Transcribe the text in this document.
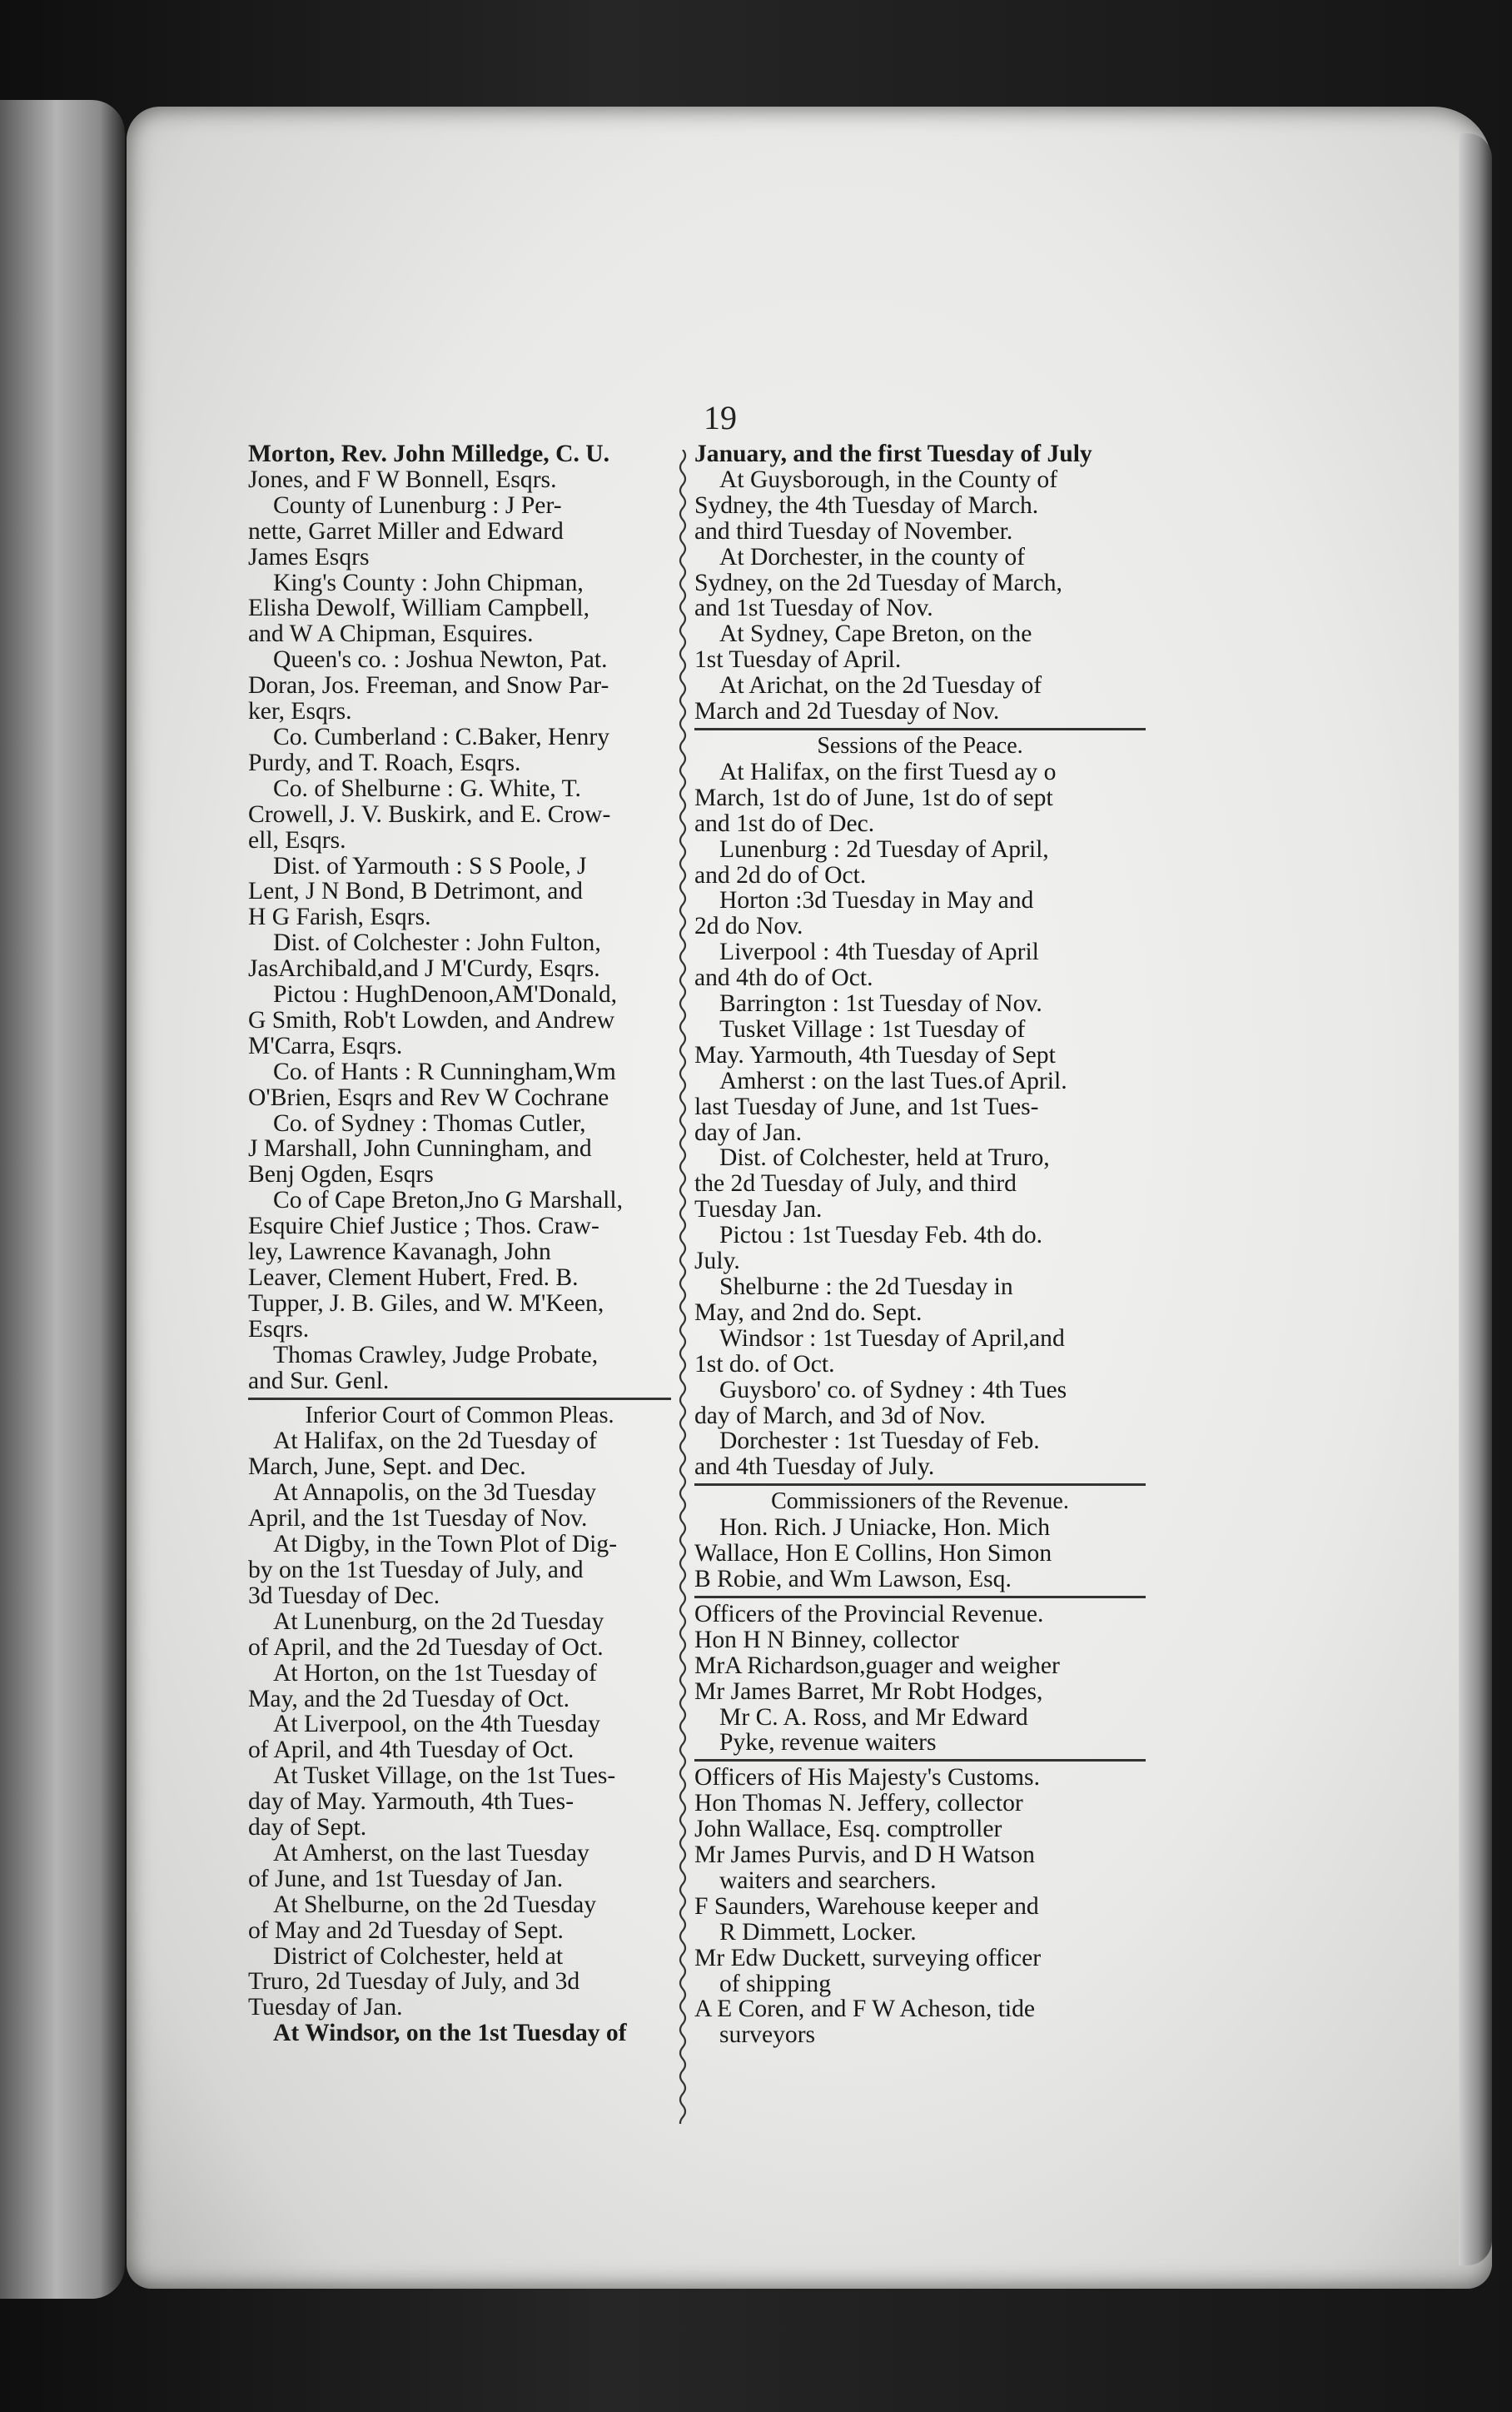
19
Morton, Rev. John Milledge, C. U.
Jones, and F W Bonnell, Esqrs.
County of Lunenburg : J Per-
nette, Garret Miller and Edward
James Esqrs
King's County : John Chipman,
Elisha Dewolf, William Campbell,
and W A Chipman, Esquires.
Queen's co. : Joshua Newton, Pat.
Doran, Jos. Freeman, and Snow Par-
ker, Esqrs.
Co. Cumberland : C.Baker, Henry
Purdy, and T. Roach, Esqrs.
Co. of Shelburne : G. White, T.
Crowell, J. V. Buskirk, and E. Crow-
ell, Esqrs.
Dist. of Yarmouth : S S Poole, J
Lent, J N Bond, B Detrimont, and
H G Farish, Esqrs.
Dist. of Colchester : John Fulton,
JasArchibald,and J M'Curdy, Esqrs.
Pictou : HughDenoon,AM'Donald,
G Smith, Rob't Lowden, and Andrew
M'Carra, Esqrs.
Co. of Hants : R Cunningham,Wm
O'Brien, Esqrs and Rev W Cochrane
Co. of Sydney : Thomas Cutler,
J Marshall, John Cunningham, and
Benj Ogden, Esqrs
Co of Cape Breton,Jno G Marshall,
Esquire Chief Justice ; Thos. Craw-
ley, Lawrence Kavanagh, John
Leaver, Clement Hubert, Fred. B.
Tupper, J. B. Giles, and W. M'Keen,
Esqrs.
Thomas Crawley, Judge Probate,
and Sur. Genl.
Inferior Court of Common Pleas.
At Halifax, on the 2d Tuesday of
March, June, Sept. and Dec.
At Annapolis, on the 3d Tuesday
April, and the 1st Tuesday of Nov.
At Digby, in the Town Plot of Dig-
by on the 1st Tuesday of July, and
3d Tuesday of Dec.
At Lunenburg, on the 2d Tuesday
of April, and the 2d Tuesday of Oct.
At Horton, on the 1st Tuesday of
May, and the 2d Tuesday of Oct.
At Liverpool, on the 4th Tuesday
of April, and 4th Tuesday of Oct.
At Tusket Village, on the 1st Tues-
day of May. Yarmouth, 4th Tues-
day of Sept.
At Amherst, on the last Tuesday
of June, and 1st Tuesday of Jan.
At Shelburne, on the 2d Tuesday
of May and 2d Tuesday of Sept.
District of Colchester, held at
Truro, 2d Tuesday of July, and 3d
Tuesday of Jan.
At Windsor, on the 1st Tuesday of
January, and the first Tuesday of July
At Guysborough, in the County of
Sydney, the 4th Tuesday of March.
and third Tuesday of November.
At Dorchester, in the county of
Sydney, on the 2d Tuesday of March,
and 1st Tuesday of Nov.
At Sydney, Cape Breton, on the
1st Tuesday of April.
At Arichat, on the 2d Tuesday of
March and 2d Tuesday of Nov.
Sessions of the Peace.
At Halifax, on the first Tuesd ay o
March, 1st do of June, 1st do of sept
and 1st do of Dec.
Lunenburg : 2d Tuesday of April,
and 2d do of Oct.
Horton :3d Tuesday in May and
2d do Nov.
Liverpool : 4th Tuesday of April
and 4th do of Oct.
Barrington : 1st Tuesday of Nov.
Tusket Village : 1st Tuesday of
May. Yarmouth, 4th Tuesday of Sept
Amherst : on the last Tues.of April.
last Tuesday of June, and 1st Tues-
day of Jan.
Dist. of Colchester, held at Truro,
the 2d Tuesday of July, and third
Tuesday Jan.
Pictou : 1st Tuesday Feb. 4th do.
July.
Shelburne : the 2d Tuesday in
May, and 2nd do. Sept.
Windsor : 1st Tuesday of April,and
1st do. of Oct.
Guysboro' co. of Sydney : 4th Tues
day of March, and 3d of Nov.
Dorchester : 1st Tuesday of Feb.
and 4th Tuesday of July.
Commissioners of the Revenue.
Hon. Rich. J Uniacke, Hon. Mich
Wallace, Hon E Collins, Hon Simon
B Robie, and Wm Lawson, Esq.
Officers of the Provincial Revenue.
Hon H N Binney, collector
MrA Richardson,guager and weigher
Mr James Barret, Mr Robt Hodges,
Mr C. A. Ross, and Mr Edward
Pyke, revenue waiters
Officers of His Majesty's Customs.
Hon Thomas N. Jeffery, collector
John Wallace, Esq. comptroller
Mr James Purvis, and D H Watson
waiters and searchers.
F Saunders, Warehouse keeper and
R Dimmett, Locker.
Mr Edw Duckett, surveying officer
of shipping
A E Coren, and F W Acheson, tide
surveyors
